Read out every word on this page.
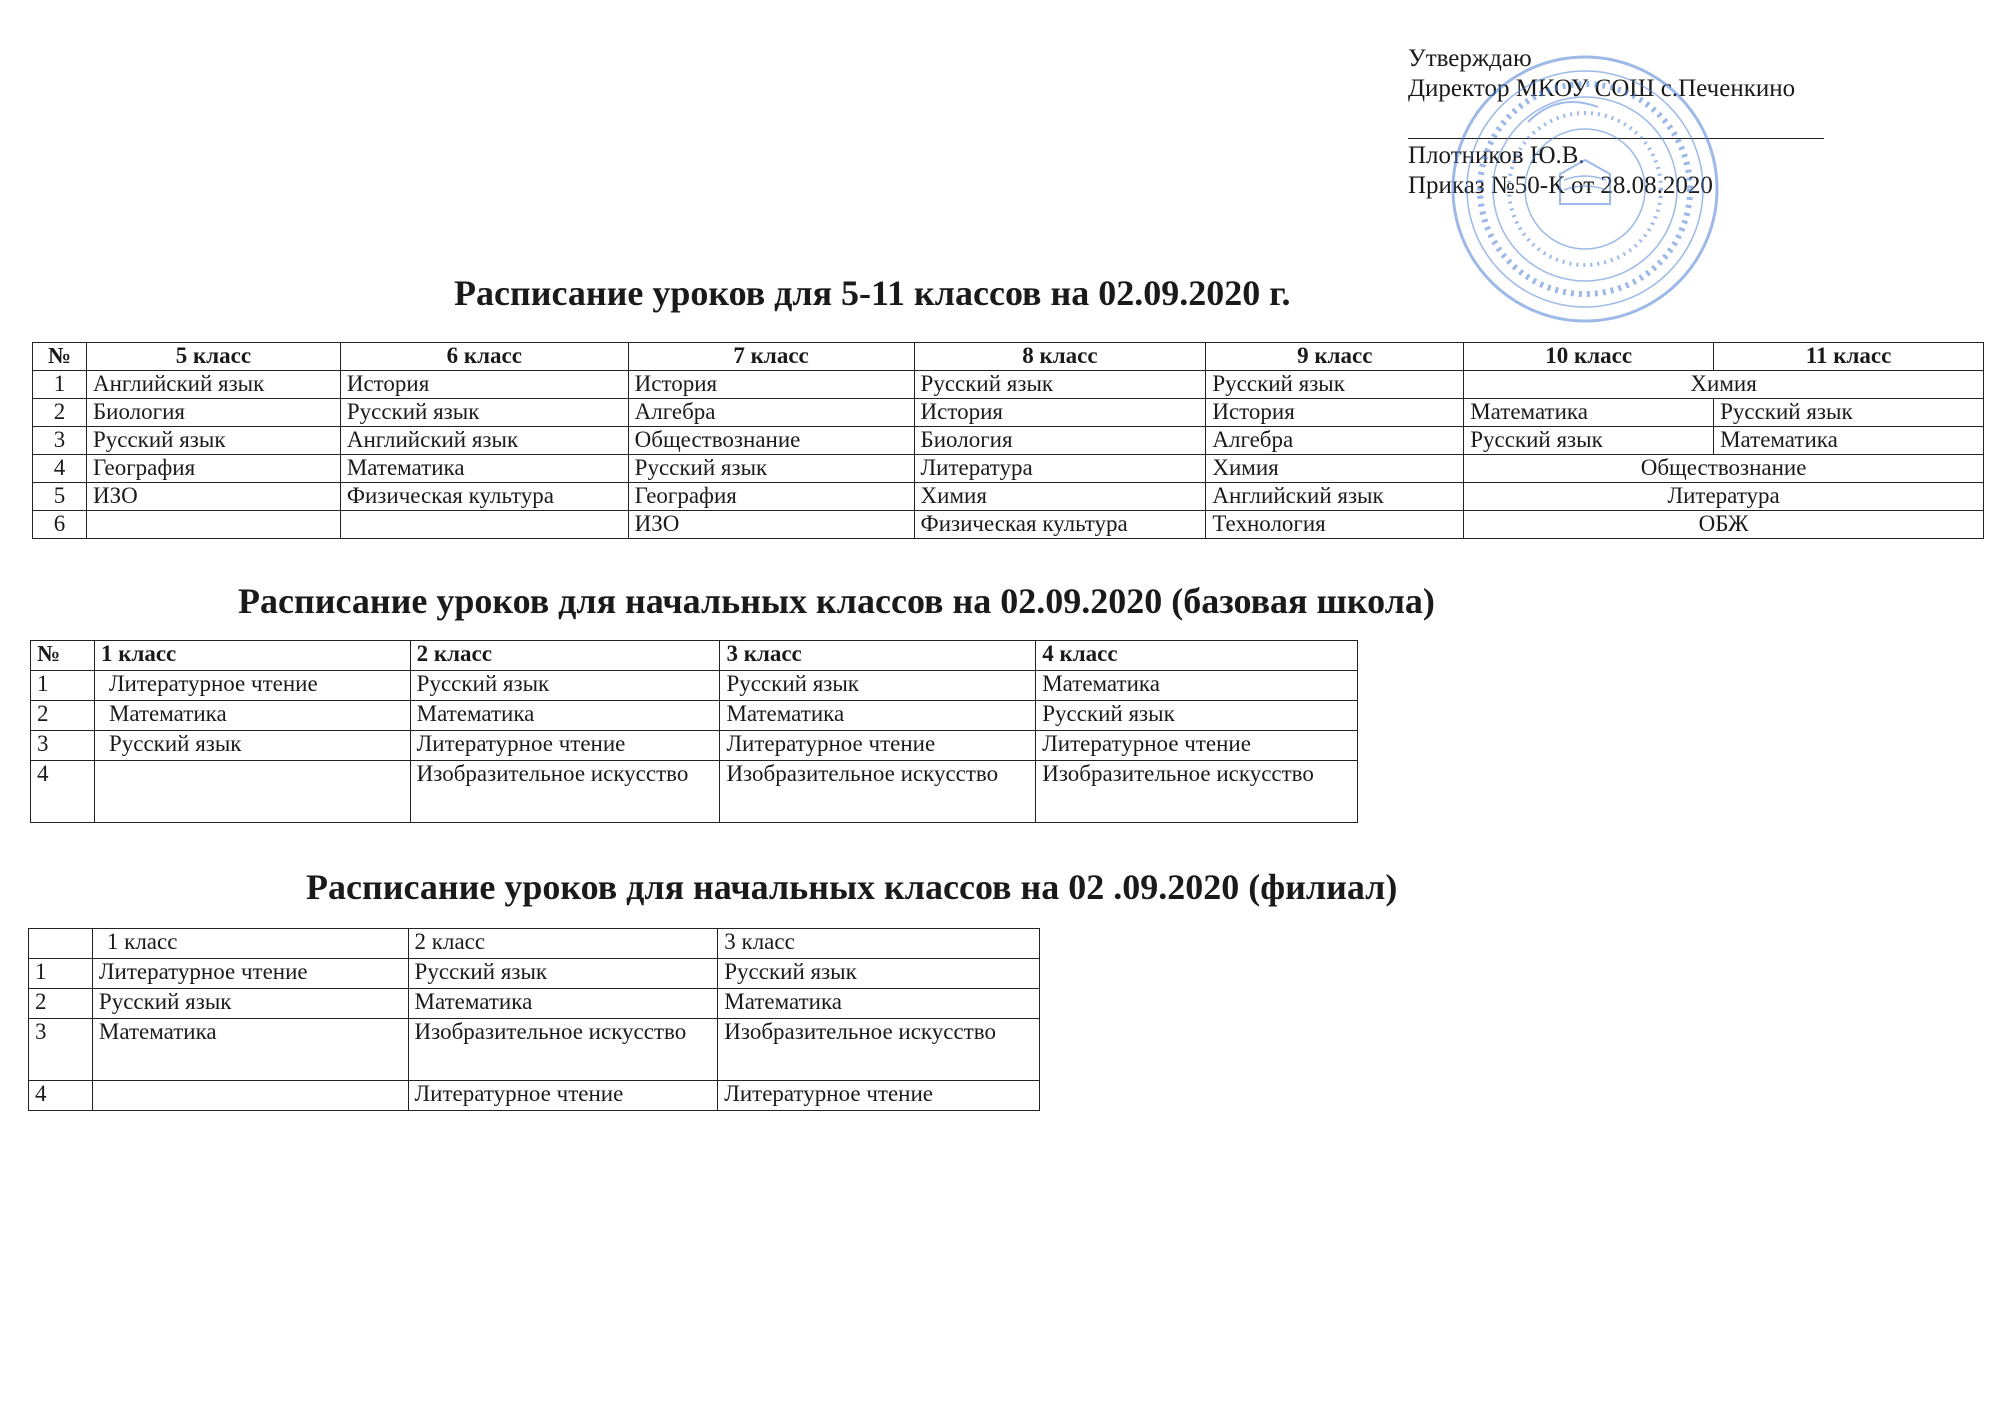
Утверждаю
Директор МКОУ СОШ с.Печенкино
Плотников Ю.В.
Приказ №50-К от 28.08.2020
Расписание уроков для 5-11 классов на 02.09.2020 г.
№	5 класс	6 класс	7 класс	8 класс	9 класс	10 класс	11 класс
1	Английский язык	История	История	Русский язык	Русский язык	Химия	
2	Биология	Русский язык	Алгебра	История	История	Математика	Русский язык
3	Русский язык	Английский язык	Обществознание	Биология	Алгебра	Русский язык	Математика
4	География	Математика	Русский язык	Литература	Химия	Обществознание	
5	ИЗО	Физическая культура	География	Химия	Английский язык	Литература	
6			ИЗО	Физическая культура	Технология	ОБЖ	
Расписание уроков для начальных классов на 02.09.2020 (базовая школа)
№	1 класс	2 класс	3 класс	4 класс
1	Литературное чтение	Русский язык	Русский язык	Математика
2	Математика	Математика	Математика	Русский язык
3	Русский язык	Литературное чтение	Литературное чтение	Литературное чтение
4		Изобразительное искусство	Изобразительное искусство	Изобразительное искусство
Расписание уроков для начальных классов на 02 .09.2020 (филиал)
	1 класс	2 класс	3 класс
1	Литературное чтение	Русский язык	Русский язык
2	Русский язык	Математика	Математика
3	Математика	Изобразительное искусство	Изобразительное искусство
4		Литературное чтение	Литературное чтение
